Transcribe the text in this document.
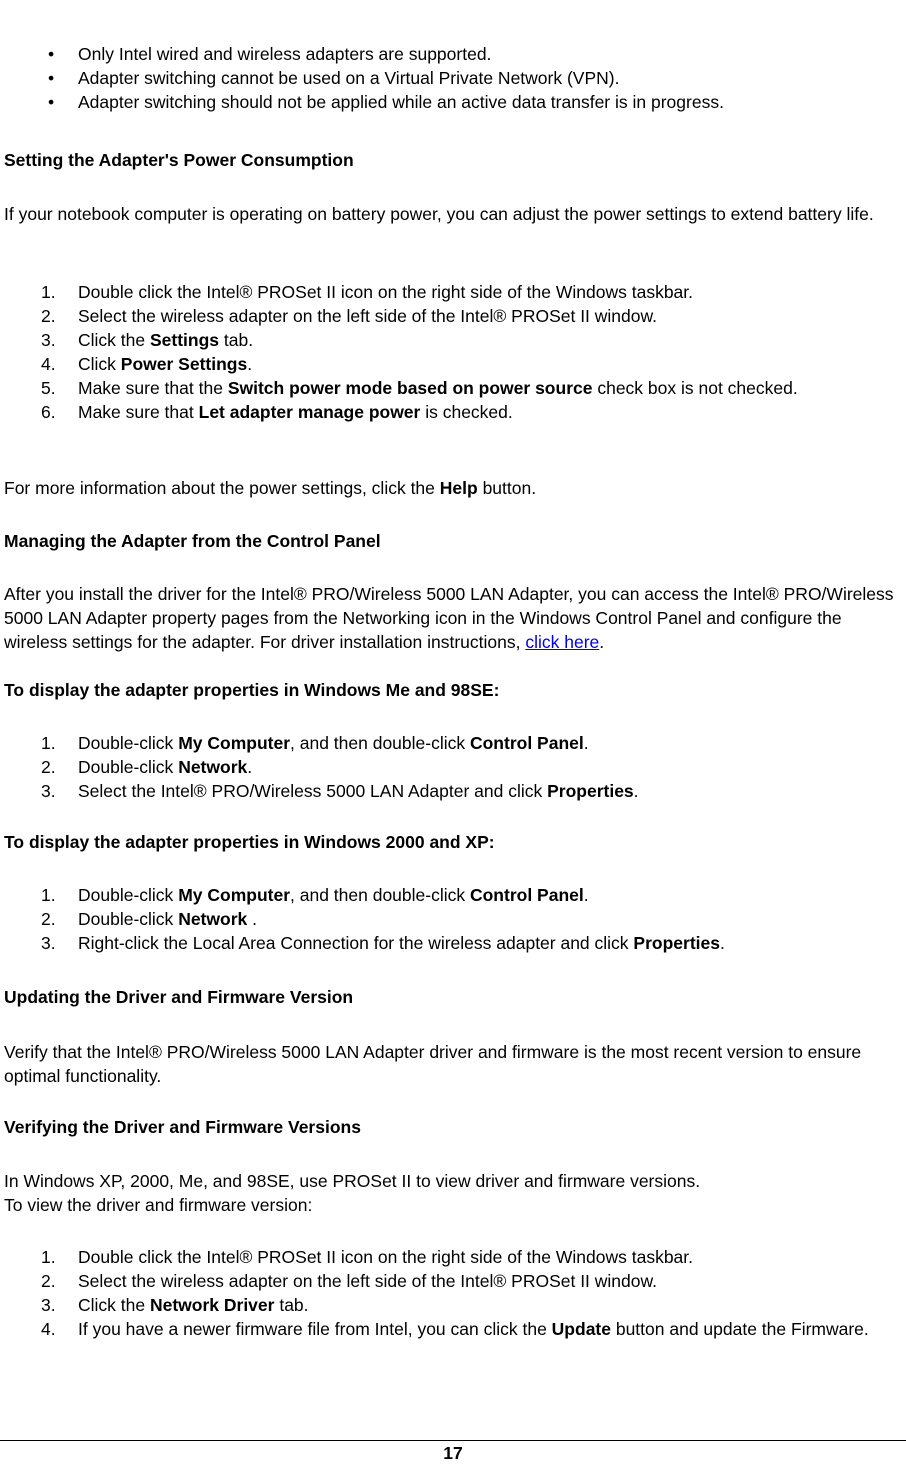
• Only Intel wired and wireless adapters are supported.
• Adapter switching cannot be used on a Virtual Private Network (VPN).
• Adapter switching should not be applied while an active data transfer is in progress.
Setting the Adapter's Power Consumption

If your notebook computer is operating on battery power, you can adjust the power settings to extend battery life.

1. Double click the Intel® PROSet II icon on the right side of the Windows taskbar.
2. Select the wireless adapter on the left side of the Intel® PROSet II window.
3. Click the Settings tab.
4. Click Power Settings.
5. Make sure that the Switch power mode based on power source check box is not checked.
6. Make sure that Let adapter manage power is checked.

For more information about the power settings, click the Help button.

Managing the Adapter from the Control Panel

After you install the driver for the Intel® PRO/Wireless 5000 LAN Adapter, you can access the Intel® PRO/Wireless 5000 LAN Adapter property pages from the Networking icon in the Windows Control Panel and configure the wireless settings for the adapter. For driver installation instructions, click here.

To display the adapter properties in Windows Me and 98SE:
1. Double-click My Computer, and then double-click Control Panel.
2. Double-click Network.
3. Select the Intel® PRO/Wireless 5000 LAN Adapter and click Properties.
To display the adapter properties in Windows 2000 and XP:
1. Double-click My Computer, and then double-click Control Panel.
2. Double-click Network .
3. Right-click the Local Area Connection for the wireless adapter and click Properties.
Updating the Driver and Firmware Version

Verify that the Intel® PRO/Wireless 5000 LAN Adapter driver and firmware is the most recent version to ensure optimal functionality.

Verifying the Driver and Firmware Versions

In Windows XP, 2000, Me, and 98SE, use PROSet II to view driver and firmware versions.

To view the driver and firmware version:

1. Double click the Intel® PROSet II icon on the right side of the Windows taskbar.
2. Select the wireless adapter on the left side of the Intel® PROSet II window.
3. Click the Network Driver tab.
4. If you have a newer firmware file from Intel, you can click the Update button and update the Firmware.
17
